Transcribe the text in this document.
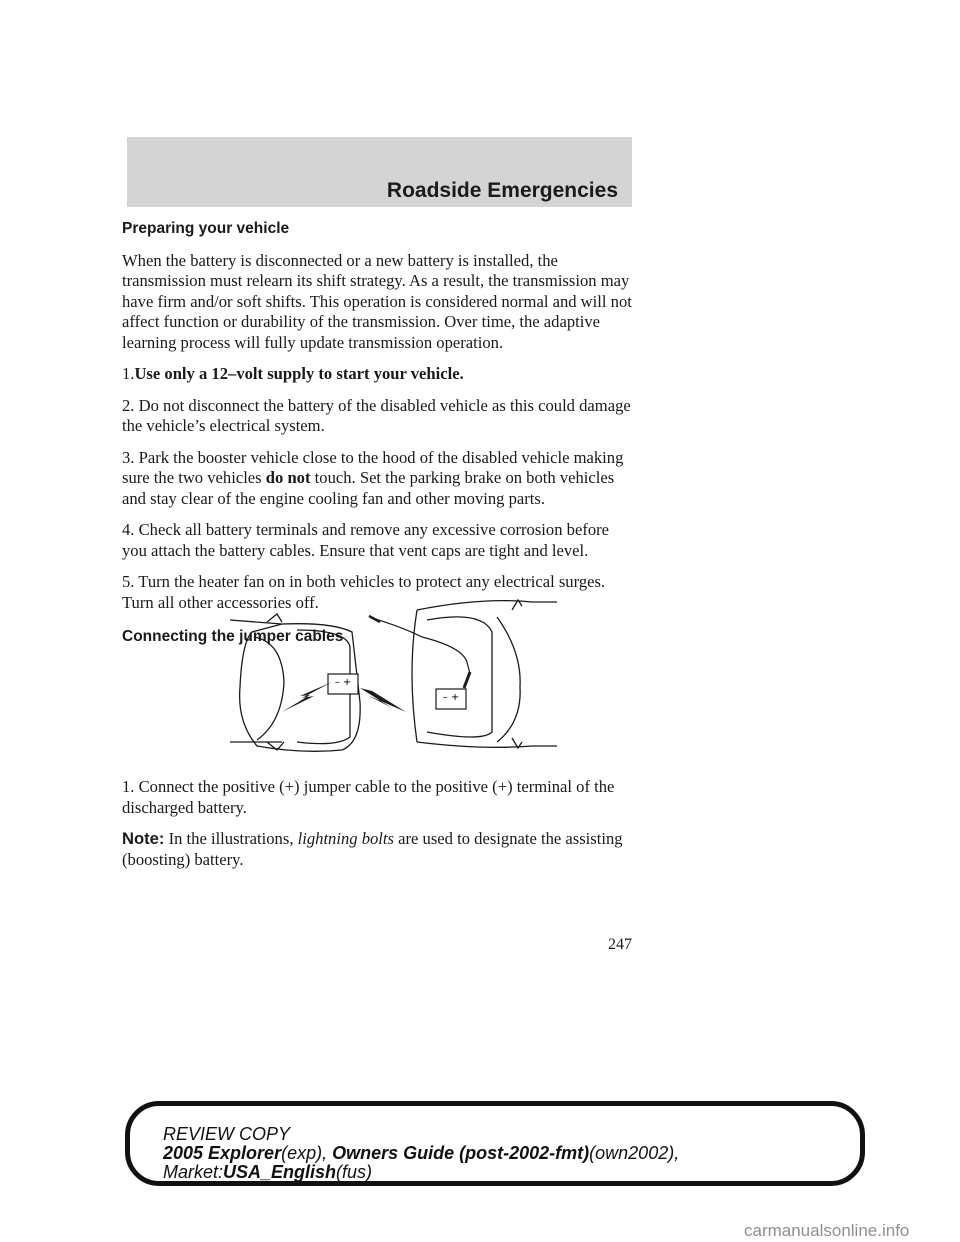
Roadside Emergencies
Preparing your vehicle

When the battery is disconnected or a new battery is installed, the transmission must relearn its shift strategy. As a result, the transmission may have firm and/or soft shifts. This operation is considered normal and will not affect function or durability of the transmission. Over time, the adaptive learning process will fully update transmission operation.

1.Use only a 12–volt supply to start your vehicle.

2. Do not disconnect the battery of the disabled vehicle as this could damage the vehicle’s electrical system.

3. Park the booster vehicle close to the hood of the disabled vehicle making sure the two vehicles do not touch. Set the parking brake on both vehicles and stay clear of the engine cooling fan and other moving parts.

4. Check all battery terminals and remove any excessive corrosion before you attach the battery cables. Ensure that vent caps are tight and level.

5. Turn the heater fan on in both vehicles to protect any electrical surges. Turn all other accessories off.

Connecting the jumper cables
– +
– +

1. Connect the positive (+) jumper cable to the positive (+) terminal of the discharged battery.

Note: In the illustrations, lightning bolts are used to designate the assisting (boosting) battery.

247
REVIEW COPY
2005 Explorer(exp), Owners Guide (post-2002-fmt)(own2002),
Market:USA_English(fus)
carmanualsonline.info
